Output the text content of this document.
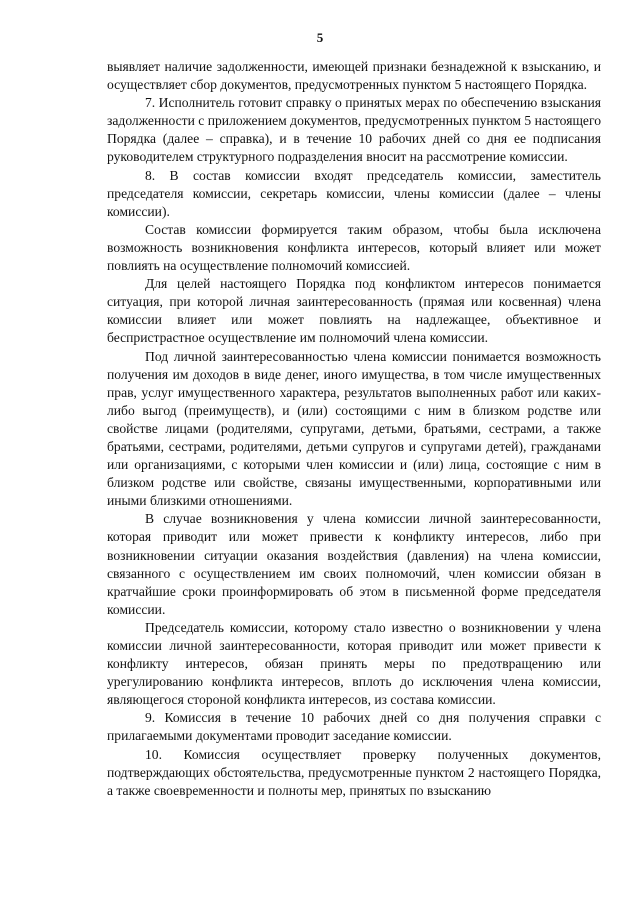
5

выявляет наличие задолженности, имеющей признаки безнадежной к взысканию, и осуществляет сбор документов, предусмотренных пунктом 5 настоящего Порядка.

7. Исполнитель готовит справку о принятых мерах по обеспечению взыскания задолженности с приложением документов, предусмотренных пунктом 5 настоящего Порядка (далее – справка), и в течение 10 рабочих дней со дня ее подписания руководителем структурного подразделения вносит на рассмотрение комиссии.

8. В состав комиссии входят председатель комиссии, заместитель председателя комиссии, секретарь комиссии, члены комиссии (далее – члены комиссии).

Состав комиссии формируется таким образом, чтобы была исключена возможность возникновения конфликта интересов, который влияет или может повлиять на осуществление полномочий комиссией.

Для целей настоящего Порядка под конфликтом интересов понимается ситуация, при которой личная заинтересованность (прямая или косвенная) члена комиссии влияет или может повлиять на надлежащее, объективное и беспристрастное осуществление им полномочий члена комиссии.

Под личной заинтересованностью члена комиссии понимается возможность получения им доходов в виде денег, иного имущества, в том числе имущественных прав, услуг имущественного характера, результатов выполненных работ или каких-либо выгод (преимуществ), и (или) состоящими с ним в близком родстве или свойстве лицами (родителями, супругами, детьми, братьями, сестрами, а также братьями, сестрами, родителями, детьми супругов и супругами детей), гражданами или организациями, с которыми член комиссии и (или) лица, состоящие с ним в близком родстве или свойстве, связаны имущественными, корпоративными или иными близкими отношениями.

В случае возникновения у члена комиссии личной заинтересованности, которая приводит или может привести к конфликту интересов, либо при возникновении ситуации оказания воздействия (давления) на члена комиссии, связанного с осуществлением им своих полномочий, член комиссии обязан в кратчайшие сроки проинформировать об этом в письменной форме председателя комиссии.

Председатель комиссии, которому стало известно о возникновении у члена комиссии личной заинтересованности, которая приводит или может привести к конфликту интересов, обязан принять меры по предотвращению или урегулированию конфликта интересов, вплоть до исключения члена комиссии, являющегося стороной конфликта интересов, из состава комиссии.

9. Комиссия в течение 10 рабочих дней со дня получения справки с прилагаемыми документами проводит заседание комиссии.

10. Комиссия осуществляет проверку полученных документов, подтверждающих обстоятельства, предусмотренные пунктом 2 настоящего Порядка, а также своевременности и полноты мер, принятых по взысканию
